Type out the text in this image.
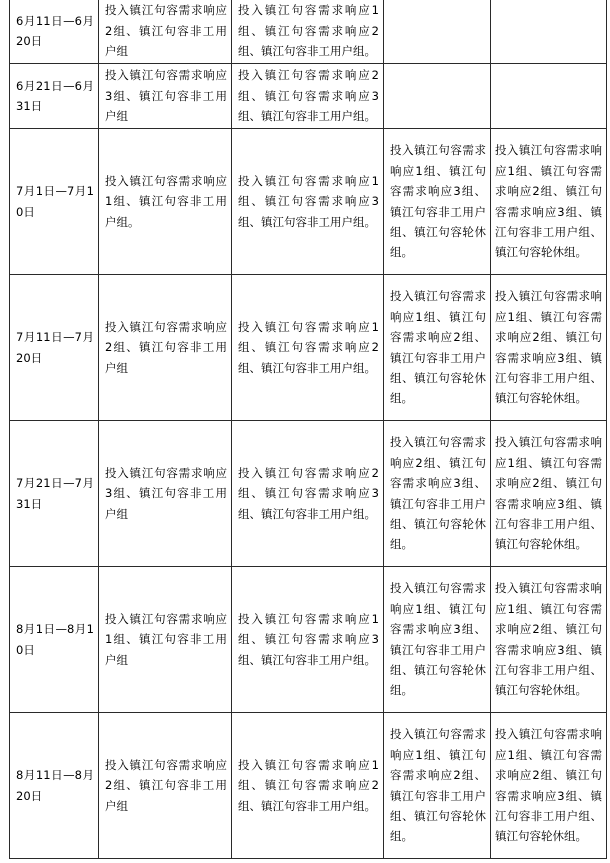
6月11日—6月20日	投入镇江句容需求响应2组、镇江句容非工用户组	投入镇江句容需求响应1组、镇江句容需求响应2组、镇江句容非工用户组。		

6月21日—6月31日	投入镇江句容需求响应3组、镇江句容非工用户组	投入镇江句容需求响应2组、镇江句容需求响应3组、镇江句容非工用户组。		

7月1日—7月10日	投入镇江句容需求响应1组、镇江句容非工用户组。	投入镇江句容需求响应1组、镇江句容需求响应3组、镇江句容非工用户组。	投入镇江句容需求响应1组、镇江句容需求响应3组、镇江句容非工用户组、镇江句容轮休组。	投入镇江句容需求响应1组、镇江句容需求响应2组、镇江句容需求响应3组、镇江句容非工用户组、镇江句容轮休组。

7月11日—7月20日	投入镇江句容需求响应2组、镇江句容非工用户组	投入镇江句容需求响应1组、镇江句容需求响应2组、镇江句容非工用户组。	投入镇江句容需求响应1组、镇江句容需求响应2组、镇江句容非工用户组、镇江句容轮休组。	投入镇江句容需求响应1组、镇江句容需求响应2组、镇江句容需求响应3组、镇江句容非工用户组、镇江句容轮休组。

7月21日—7月31日	投入镇江句容需求响应3组、镇江句容非工用户组	投入镇江句容需求响应2组、镇江句容需求响应3组、镇江句容非工用户组。	投入镇江句容需求响应2组、镇江句容需求响应3组、镇江句容非工用户组、镇江句容轮休组。	投入镇江句容需求响应1组、镇江句容需求响应2组、镇江句容需求响应3组、镇江句容非工用户组、镇江句容轮休组。

8月1日—8月10日	投入镇江句容需求响应1组、镇江句容非工用户组	投入镇江句容需求响应1组、镇江句容需求响应3组、镇江句容非工用户组。	投入镇江句容需求响应1组、镇江句容需求响应3组、镇江句容非工用户组、镇江句容轮休组。	投入镇江句容需求响应1组、镇江句容需求响应2组、镇江句容需求响应3组、镇江句容非工用户组、镇江句容轮休组。

8月11日—8月20日	投入镇江句容需求响应2组、镇江句容非工用户组	投入镇江句容需求响应1组、镇江句容需求响应2组、镇江句容非工用户组。	投入镇江句容需求响应1组、镇江句容需求响应2组、镇江句容非工用户组、镇江句容轮休组。	投入镇江句容需求响应1组、镇江句容需求响应2组、镇江句容需求响应3组、镇江句容非工用户组、镇江句容轮休组。
